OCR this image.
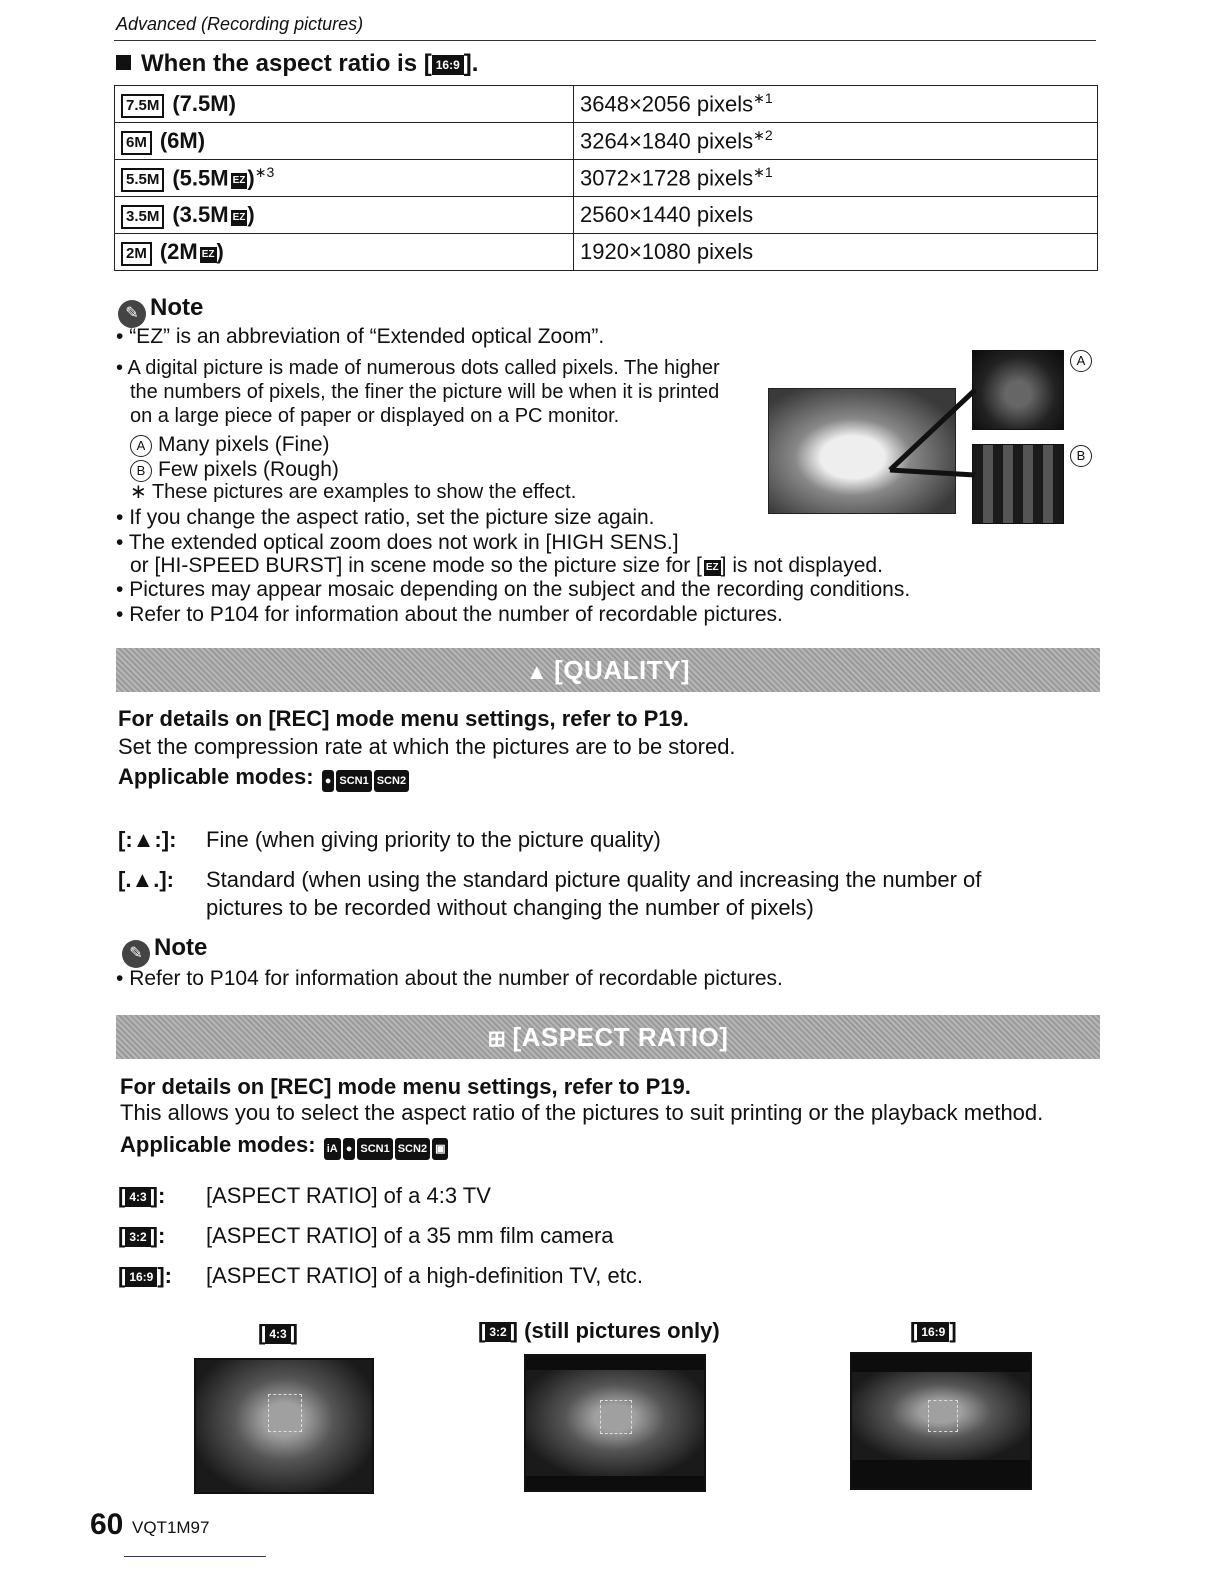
Advanced (Recording pictures)
When the aspect ratio is [ 16:9 ].
7.5M (7.5M)	3648×2056 pixels$^{∗1}$
6M (6M)	3264×1840 pixels$^{∗2}$
5.5M (5.5M EZ)$^{∗3}$	3072×1728 pixels$^{∗1}$
3.5M (3.5M EZ)	2560×1440 pixels
2M (2M EZ)	1920×1080 pixels
✎ Note
• “EZ” is an abbreviation of “Extended optical Zoom”.
• A digital picture is made of numerous dots called pixels. The higher
the numbers of pixels, the finer the picture will be when it is printed
on a large piece of paper or displayed on a PC monitor.
A Many pixels (Fine)
B Few pixels (Rough)
∗ These pictures are examples to show the effect.
A
B
• If you change the aspect ratio, set the picture size again.
• The extended optical zoom does not work in [HIGH SENS.]
or [HI-SPEED BURST] in scene mode so the picture size for [ EZ] is not displayed.
• Pictures may appear mosaic depending on the subject and the recording conditions.
• Refer to P104 for information about the number of recordable pictures.
▲ [QUALITY]
For details on [REC] mode menu settings, refer to P19.
Set the compression rate at which the pictures are to be stored.
Applicable modes: ● SCN1 SCN2
[:▲:]: Fine (when giving priority to the picture quality)
[.▲.]: Standard (when using the standard picture quality and increasing the number of
pictures to be recorded without changing the number of pixels)
✎ Note
• Refer to P104 for information about the number of recordable pictures.
⊞ [ASPECT RATIO]
For details on [REC] mode menu settings, refer to P19.
This allows you to select the aspect ratio of the pictures to suit printing or the playback method.
Applicable modes: iA ● SCN1 SCN2 ▣
[ 4:3 ]: [ASPECT RATIO] of a 4:3 TV
[ 3:2 ]: [ASPECT RATIO] of a 35 mm film camera
[ 16:9 ]: [ASPECT RATIO] of a high-definition TV, etc.
[ 4:3 ]	[ 3:2 ] (still pictures only)	[ 16:9 ]
60 VQT1M97
